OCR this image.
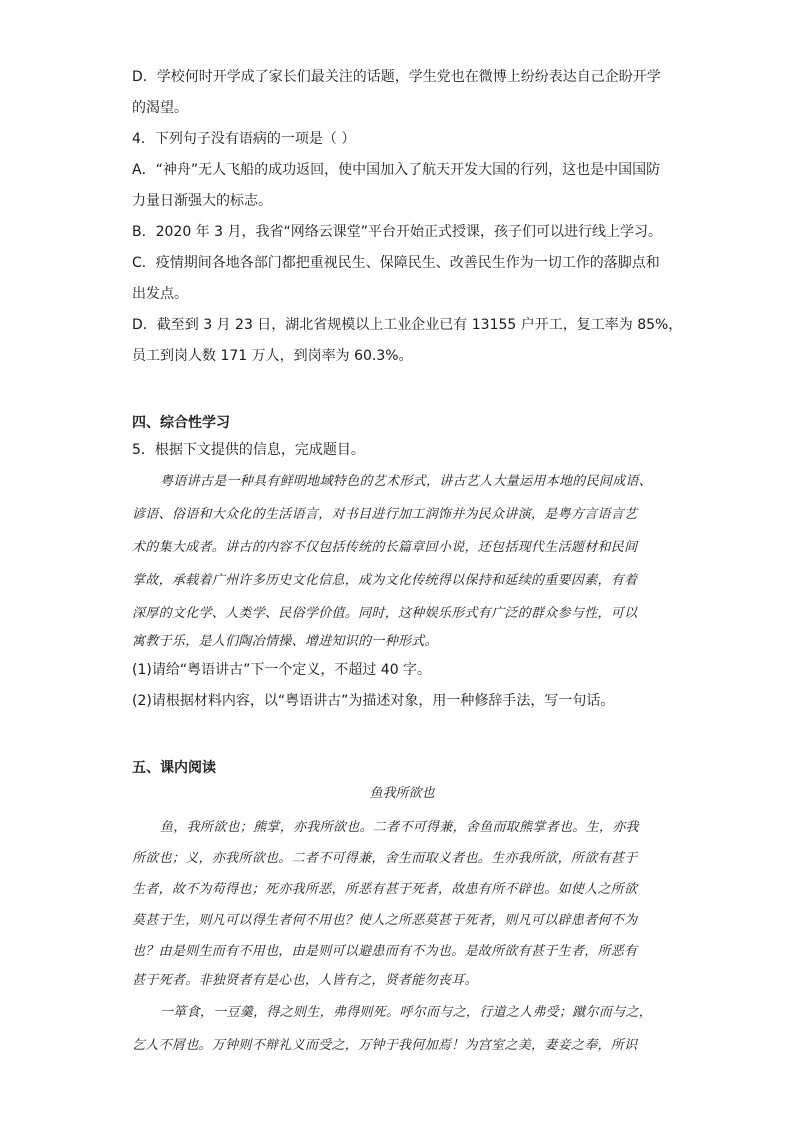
D．学校何时开学成了家长们最关注的话题，学生党也在微博上纷纷表达自己企盼开学
的渴望。
4．下列句子没有语病的一项是（ ）
A．“神舟”无人飞船的成功返回，使中国加入了航天开发大国的行列，这也是中国国防
力量日渐强大的标志。
B．2020 年 3 月，我省“网络云课堂”平台开始正式授课，孩子们可以进行线上学习。
C．疫情期间各地各部门都把重视民生、保障民生、改善民生作为一切工作的落脚点和
出发点。
D．截至到 3 月 23 日，湖北省规模以上工业企业已有 13155 户开工，复工率为 85%，
员工到岗人数 171 万人，到岗率为 60.3%。
四、综合性学习
5．根据下文提供的信息，完成题目。
粤语讲古是一种具有鲜明地域特色的艺术形式，讲古艺人大量运用本地的民间成语、
谚语、俗语和大众化的生活语言，对书目进行加工润饰并为民众讲演，是粤方言语言艺
术的集大成者。讲古的内容不仅包括传统的长篇章回小说，还包括现代生活题材和民间
掌故，承载着广州许多历史文化信息，成为文化传统得以保持和延续的重要因素，有着
深厚的文化学、人类学、民俗学价值。同时，这种娱乐形式有广泛的群众参与性，可以
寓教于乐，是人们陶冶情操、增进知识的一种形式。
(1)请给“粤语讲古”下一个定义，不超过 40 字。
(2)请根据材料内容，以“粤语讲古”为描述对象，用一种修辞手法，写一句话。
五、课内阅读
鱼我所欲也
鱼，我所欲也；熊掌，亦我所欲也。二者不可得兼，舍鱼而取熊掌者也。生，亦我
所欲也；义，亦我所欲也。二者不可得兼，舍生而取义者也。生亦我所欲，所欲有甚于
生者，故不为苟得也；死亦我所恶，所恶有甚于死者，故患有所不辟也。如使人之所欲
莫甚于生，则凡可以得生者何不用也？使人之所恶莫甚于死者，则凡可以辟患者何不为
也？由是则生而有不用也，由是则可以避患而有不为也。是故所欲有甚于生者，所恶有
甚于死者。非独贤者有是心也，人皆有之，贤者能勿丧耳。
一箪食，一豆羹，得之则生，弗得则死。呼尔而与之，行道之人弗受；蹴尔而与之，
乞人不屑也。万钟则不辩礼义而受之，万钟于我何加焉！为宫室之美，妻妾之奉，所识
